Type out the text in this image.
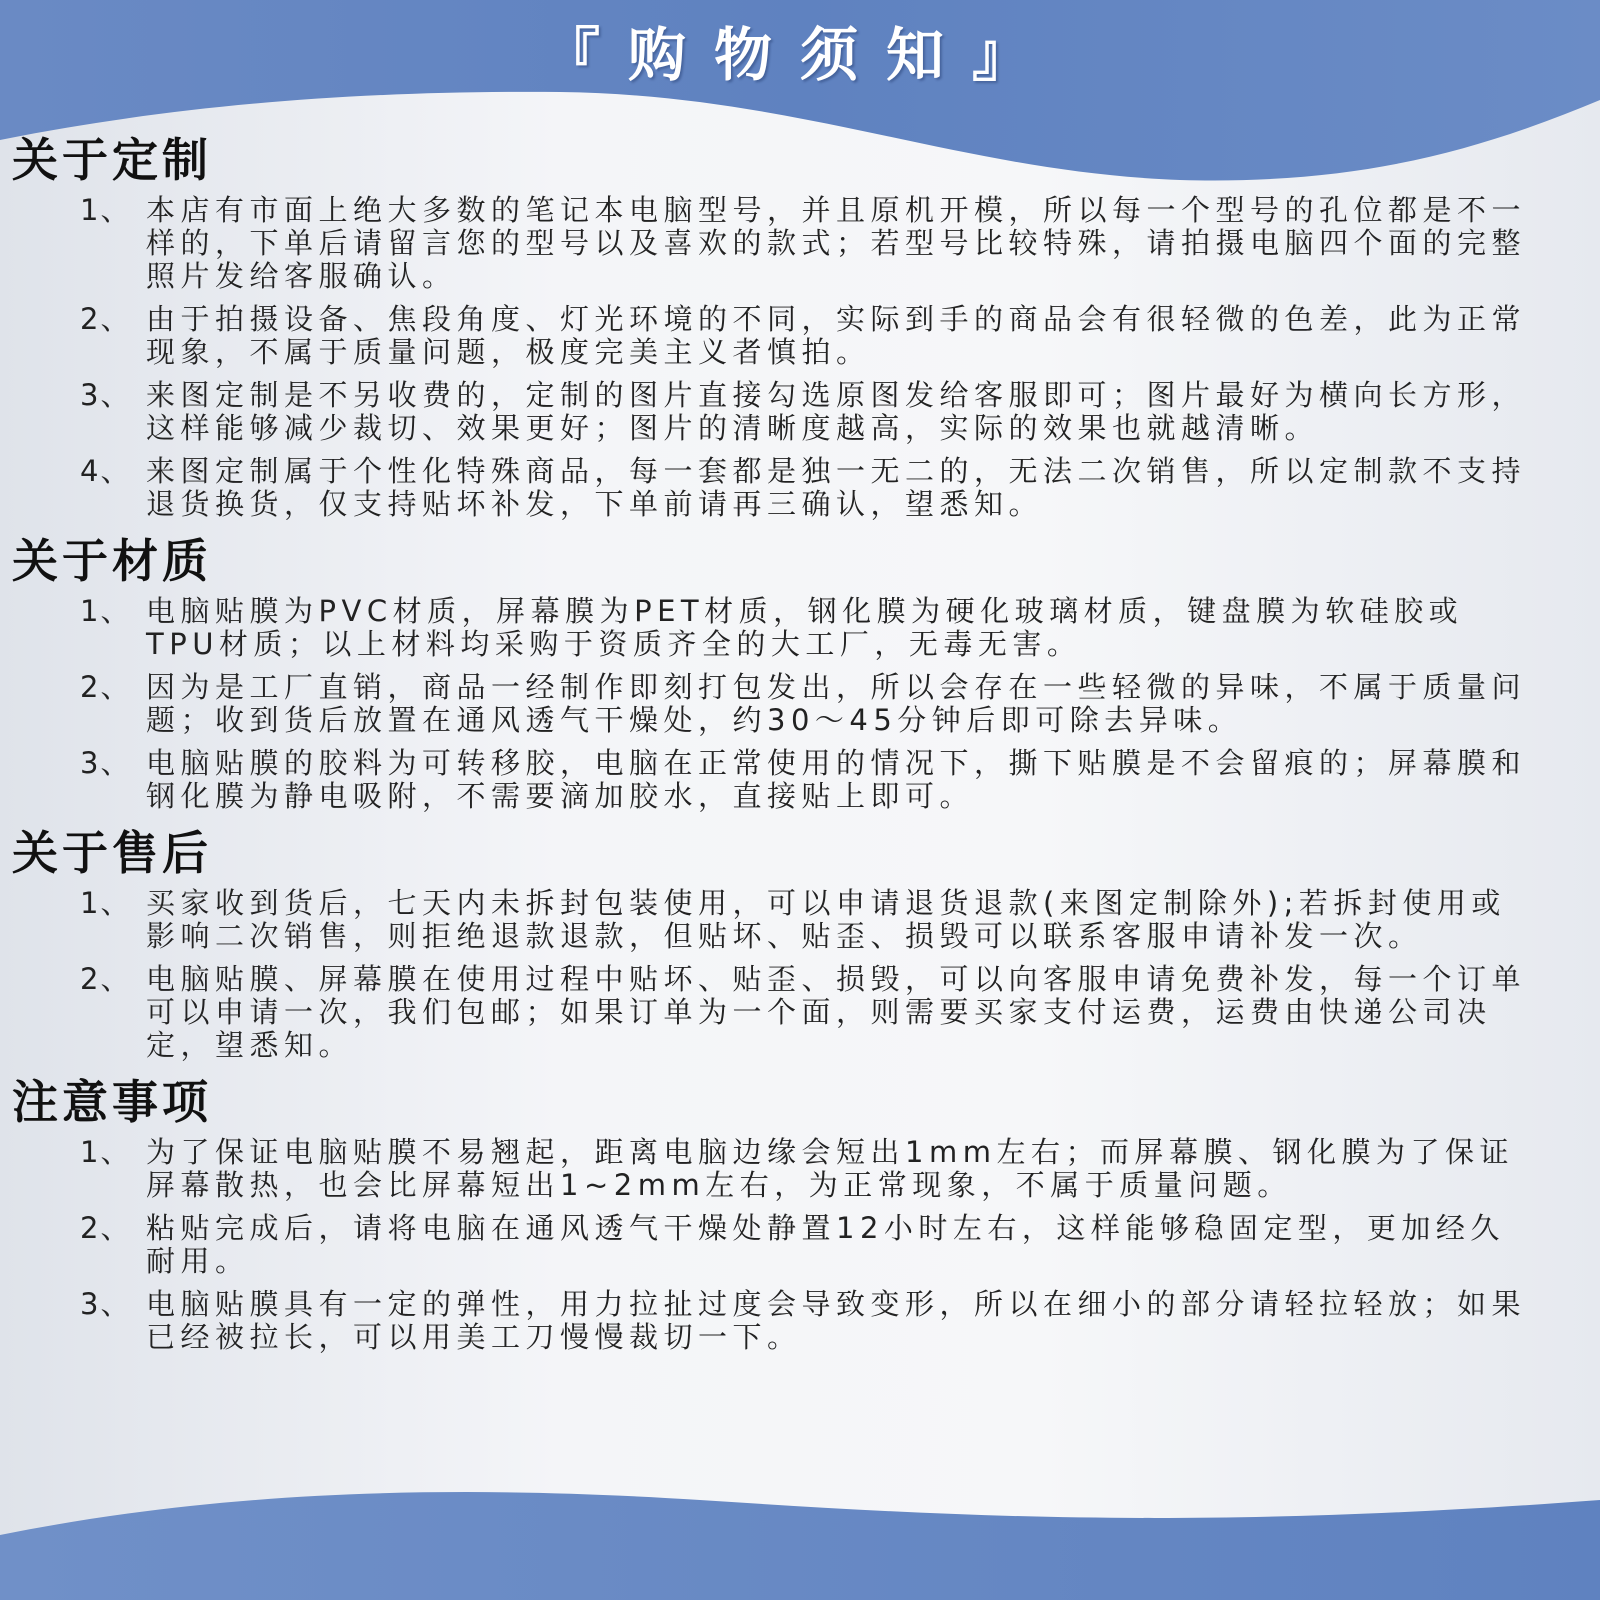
『购物须知』
关于定制
1、 本店有市面上绝大多数的笔记本电脑型号，并且原机开模，所以每一个型号的孔位都是不一样的，下单后请留言您的型号以及喜欢的款式；若型号比较特殊，请拍摄电脑四个面的完整照片发给客服确认。
2、 由于拍摄设备、焦段角度、灯光环境的不同，实际到手的商品会有很轻微的色差，此为正常现象，不属于质量问题，极度完美主义者慎拍。
3、 来图定制是不另收费的，定制的图片直接勾选原图发给客服即可；图片最好为横向长方形，这样能够减少裁切、效果更好；图片的清晰度越高，实际的效果也就越清晰。
4、 来图定制属于个性化特殊商品，每一套都是独一无二的，无法二次销售，所以定制款不支持退货换货，仅支持贴坏补发，下单前请再三确认，望悉知。
关于材质
1、 电脑贴膜为PVC材质，屏幕膜为PET材质，钢化膜为硬化玻璃材质，键盘膜为软硅胶或TPU材质；以上材料均采购于资质齐全的大工厂，无毒无害。
2、 因为是工厂直销，商品一经制作即刻打包发出，所以会存在一些轻微的异味，不属于质量问题；收到货后放置在通风透气干燥处，约30～45分钟后即可除去异味。
3、 电脑贴膜的胶料为可转移胶，电脑在正常使用的情况下，撕下贴膜是不会留痕的；屏幕膜和钢化膜为静电吸附，不需要滴加胶水，直接贴上即可。
关于售后
1、 买家收到货后，七天内未拆封包装使用，可以申请退货退款(来图定制除外);若拆封使用或影响二次销售，则拒绝退款退款，但贴坏、贴歪、损毁可以联系客服申请补发一次。
2、 电脑贴膜、屏幕膜在使用过程中贴坏、贴歪、损毁，可以向客服申请免费补发，每一个订单可以申请一次，我们包邮；如果订单为一个面，则需要买家支付运费，运费由快递公司决定，望悉知。
注意事项
1、 为了保证电脑贴膜不易翘起，距离电脑边缘会短出1mm左右；而屏幕膜、钢化膜为了保证屏幕散热，也会比屏幕短出1~2mm左右，为正常现象，不属于质量问题。
2、 粘贴完成后，请将电脑在通风透气干燥处静置12小时左右，这样能够稳固定型，更加经久耐用。
3、 电脑贴膜具有一定的弹性，用力拉扯过度会导致变形，所以在细小的部分请轻拉轻放；如果已经被拉长，可以用美工刀慢慢裁切一下。
